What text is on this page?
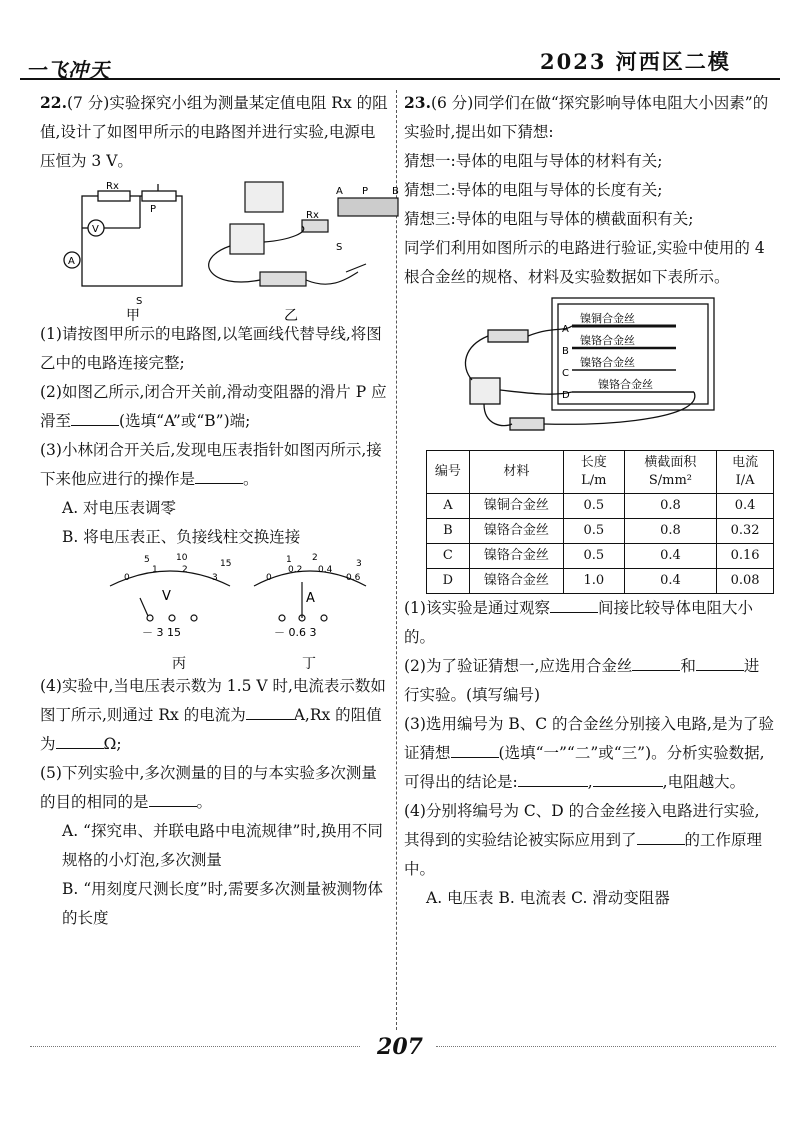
一飞冲天	2023 河西区二模

22.(7 分)实验探究小组为测量某定值电阻 Rx 的阻值,设计了如图甲所示的电路图并进行实验,电源电压恒为 3 V。

Rx
P
V
A
S
甲
A P B
Rx
S
乙

(1)请按图甲所示的电路图,以笔画线代替导线,将图乙中的电路连接完整;

(2)如图乙所示,闭合开关前,滑动变阻器的滑片 P 应滑至	(选填“A”或“B”)端;

(3)小林闭合开关后,发现电压表指针如图丙所示,接下来他应进行的操作是	。

A. 对电压表调零

B. 将电压表正、负接线柱交换连接

0
1	2
3
5	10
15
V
－ 3 15
丙
0
0.2 0.4
0.6
1 2
3
A
－ 0.6 3
丁

(4)实验中,当电压表示数为 1.5 V 时,电流表示数如图丁所示,则通过 Rx 的电流为	A,Rx 的阻值为	Ω;

(5)下列实验中,多次测量的目的与本实验多次测量的目的相同的是	。

A. “探究串、并联电路中电流规律”时,换用不同规格的小灯泡,多次测量

B. “用刻度尺测长度”时,需要多次测量被测物体的长度

23.(6 分)同学们在做“探究影响导体电阻大小因素”的实验时,提出如下猜想:

猜想一:导体的电阻与导体的材料有关;

猜想二:导体的电阻与导体的长度有关;

猜想三:导体的电阻与导体的横截面积有关;

同学们利用如图所示的电路进行验证,实验中使用的 4 根合金丝的规格、材料及实验数据如下表所示。

A
镍铜合金丝
B
镍铬合金丝
C
镍铬合金丝
D
镍铬合金丝
编号	材料	长度 L/m	横截面积 S/mm²	电流 I/A
A	镍铜合金丝	0.5	0.8	0.4
B	镍铬合金丝	0.5	0.8	0.32
C	镍铬合金丝	0.5	0.4	0.16
D	镍铬合金丝	1.0	0.4	0.08

(1)该实验是通过观察	间接比较导体电阻大小的。

(2)为了验证猜想一,应选用合金丝	和	进行实验。(填写编号)

(3)选用编号为 B、C 的合金丝分别接入电路,是为了验证猜想	(选填“一”“二”或“三”)。分析实验数据,可得出的结论是:	,	,电阻越大。

(4)分别将编号为 C、D 的合金丝接入电路进行实验,其得到的实验结论被实际应用到了	的工作原理中。

A. 电压表 B. 电流表 C. 滑动变阻器

207
